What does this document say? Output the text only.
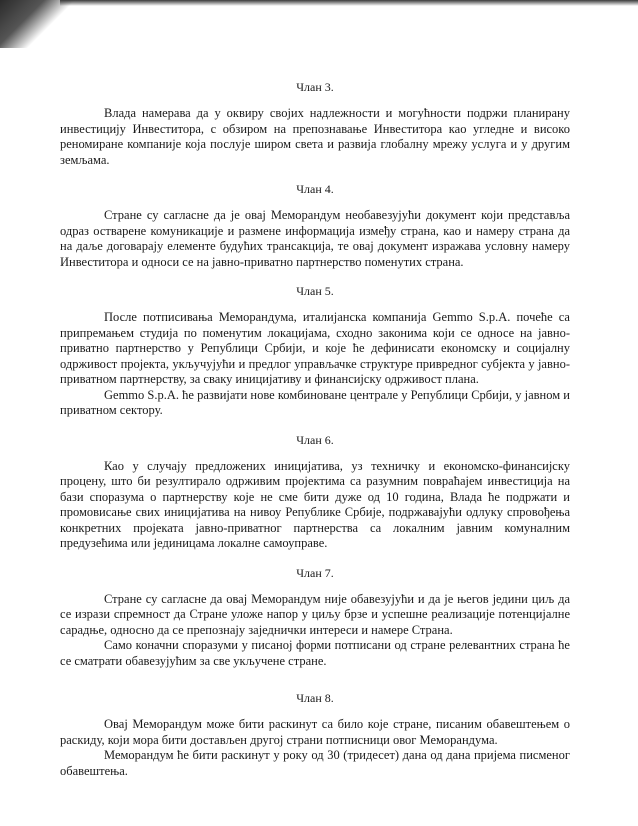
Члан 3.

Влада намерава да у оквиру својих надлежности и могућности подржи планирану инвестицију Инвеститора, с обзиром на препознавање Инвеститора као угледне и високо реномиране компаније која послује широм света и развија глобалну мрежу услуга и у другим земљама.

Члан 4.

Стране су сагласне да је овај Меморандум необавезујући документ који представља одраз остварене комуникације и размене информација између страна, као и намеру страна да на даље договарају елементе будућих трансакција, те овај документ изражава условну намеру Инвеститора и односи се на јавно-приватно партнерство поменутих страна.

Члан 5.

После потписивања Меморандума, италијанска компанија Gemmo S.p.A. почеће са припремањем студија по поменутим локацијама, сходно законима који се односе на јавно-приватно партнерство у Републици Србији, и које ће дефинисати економску и социјалну одрживост пројекта, укључујући и предлог управљачке структуре привредног субјекта у јавно-приватном партнерству, за сваку иницијативу и финансијску одрживост плана.

Gemmo S.p.A. ће развијати нове комбиноване централе у Републици Србији, у јавном и приватном сектору.

Члан 6.

Као у случају предложених иницијатива, уз техничку и економско-финансијску процену, што би резултирало одрживим пројектима са разумним повраћајем инвестиција на бази споразума о партнерству које не сме бити дуже од 10 година, Влада ће подржати и промовисање свих иницијатива на нивоу Републике Србије, подржавајући одлуку спровођења конкретних пројеката јавно-приватног партнерства са локалним јавним комуналним предузећима или јединицама локалне самоуправе.

Члан 7.

Стране су сагласне да овај Меморандум није обавезујући и да је његов једини циљ да се изрази спремност да Стране уложе напор у циљу брзе и успешне реализације потенцијалне сарадње, односно да се препознају заједнички интереси и намере Страна.

Само коначни споразуми у писаној форми потписани од стране релевантних страна ће се сматрати обавезујућим за све укључене стране.

Члан 8.

Овај Меморандум може бити раскинут са било које стране, писаним обавештењем о раскиду, који мора бити достављен другој страни потписници овог Меморандума.

Меморандум ће бити раскинут у року од 30 (тридесет) дана од дана пријема писменог обавештења.
